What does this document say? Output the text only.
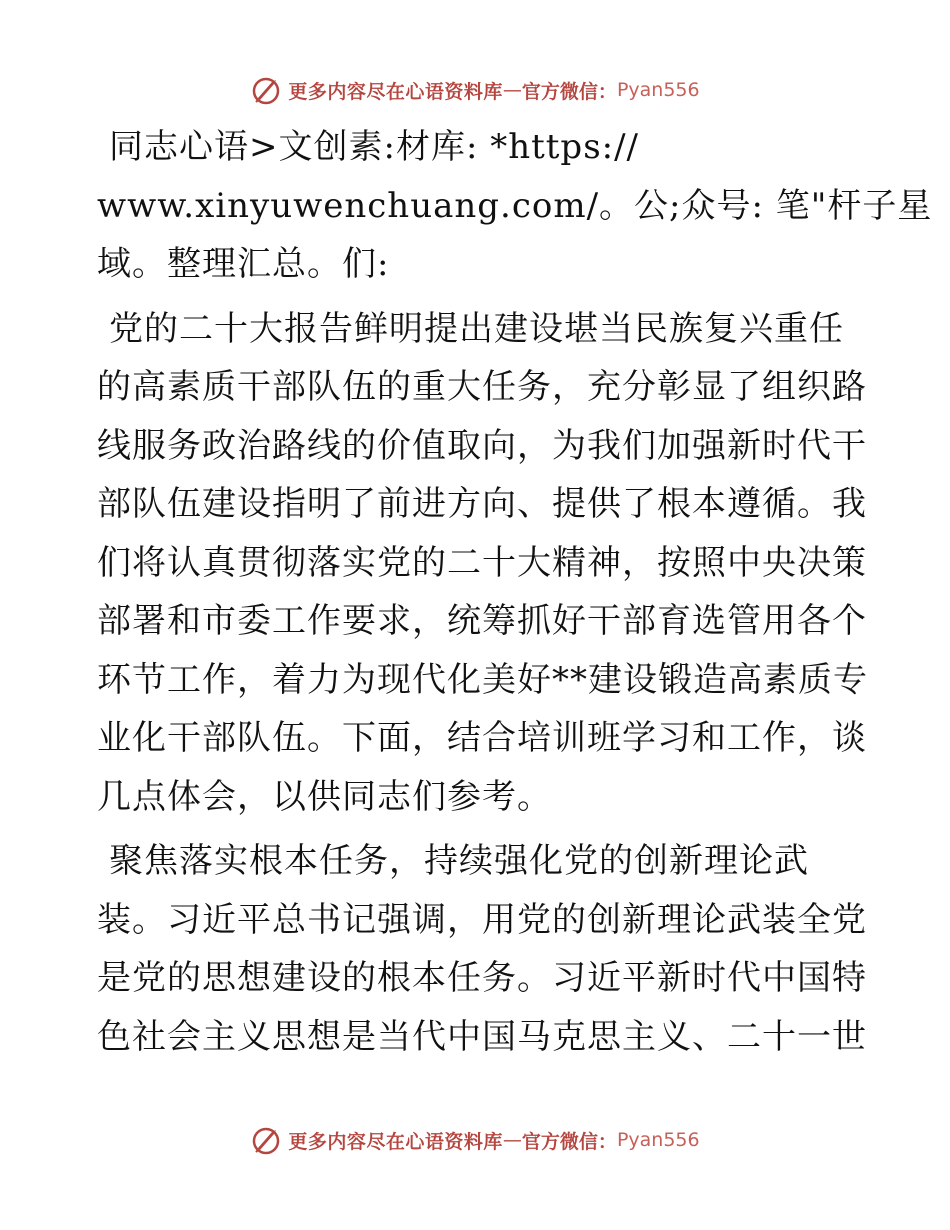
更多内容尽在心语资料库 — 官方微信： Pyan556
同志心语>文创素:材库: *https://
www.xinyuwenchuang.com/。公;众号: 笔"杆子星
域。整理汇总。们:
党的二十大报告鲜明提出建设堪当民族复兴重任
的高素质干部队伍的重大任务，充分彰显了组织路
线服务政治路线的价值取向，为我们加强新时代干
部队伍建设指明了前进方向、提供了根本遵循。我
们将认真贯彻落实党的二十大精神，按照中央决策
部署和市委工作要求，统筹抓好干部育选管用各个
环节工作，着力为现代化美好**建设锻造高素质专
业化干部队伍。下面，结合培训班学习和工作，谈
几点体会，以供同志们参考。
聚焦落实根本任务，持续强化党的创新理论武
装。习近平总书记强调，用党的创新理论武装全党
是党的思想建设的根本任务。习近平新时代中国特
色社会主义思想是当代中国马克思主义、二十一世
更多内容尽在心语资料库 — 官方微信： Pyan556
